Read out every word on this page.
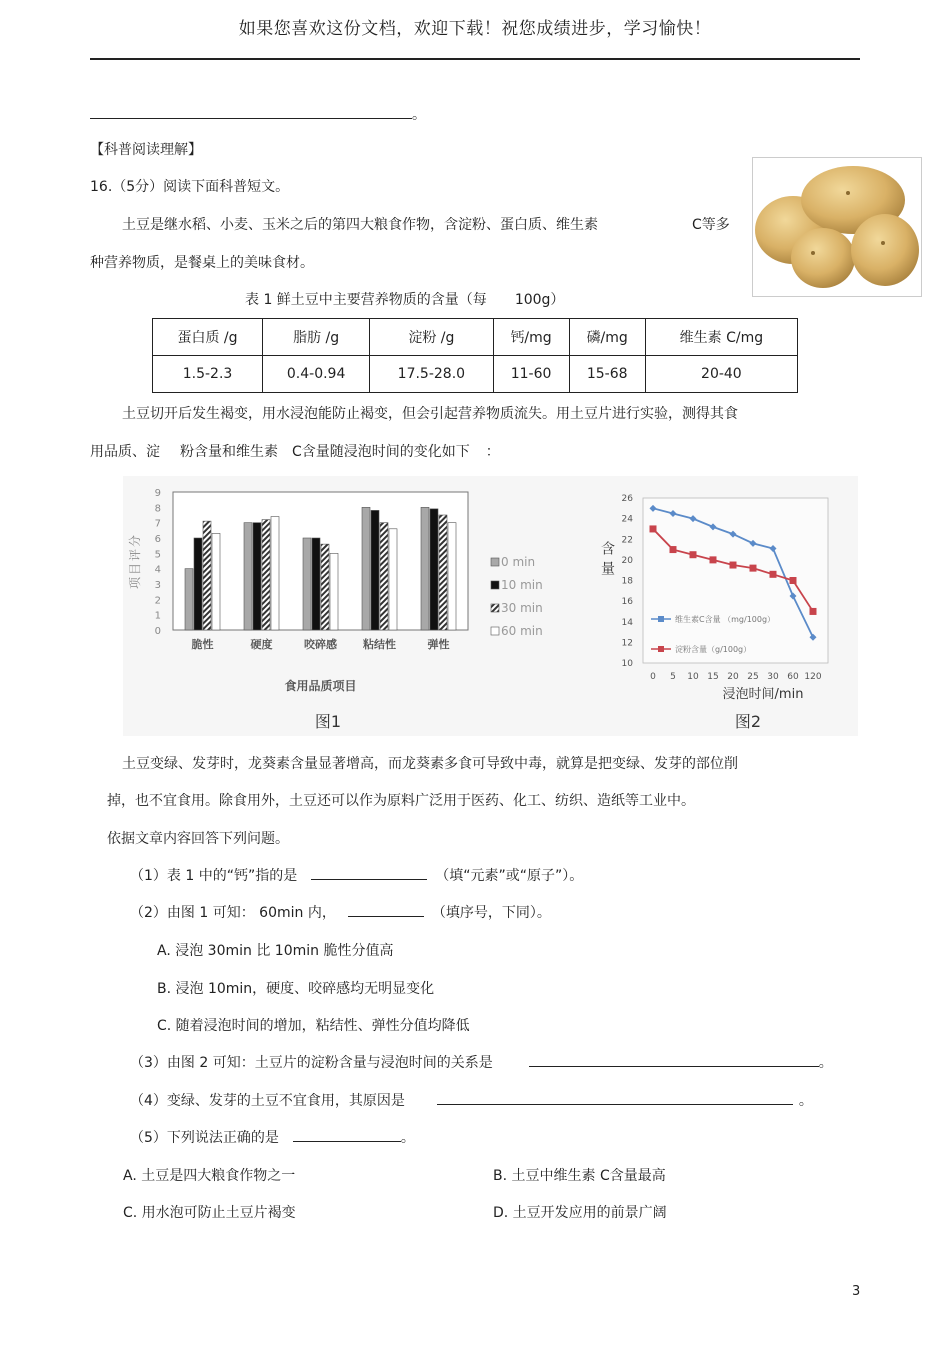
如果您喜欢这份文档，欢迎下载！祝您成绩进步，学习愉快！
。
【科普阅读理解】
16.（5分）阅读下面科普短文。
土豆是继水稻、小麦、玉米之后的第四大粮食作物，含淀粉、蛋白质、维生素	C等多
种营养物质，是餐桌上的美味食材。
表 1 鲜土豆中主要营养物质的含量（每 100g）
蛋白质 /g	脂肪 /g	淀粉 /g	钙/mg	磷/mg	维生素 C/mg
1.5-2.3	0.4-0.94	17.5-28.0	11-60	15-68	20-40
土豆切开后发生褐变，用水浸泡能防止褐变，但会引起营养物质流失。用土豆片进行实验，测得其食
用品质、淀 粉含量和维生素 C含量随浸泡时间的变化如下 ：
0
1
2
3
4
5
6
7
8
9
项目评分
脆性	硬度	咬碎感 粘结性	弹性
食用品质项目
0 min
10 min
30 min
60 min
图1
10
12
14
16
18
20
22
24
26
0 5 10 15 20 25 30 60 120
含量
浸泡时间/min
维生素C含量 （mg/100g）
淀粉含量（g/100g）
图2
土豆变绿、发芽时，龙葵素含量显著增高，而龙葵素多食可导致中毒，就算是把变绿、发芽的部位削
掉，也不宜食用。除食用外，土豆还可以作为原料广泛用于医药、化工、纺织、造纸等工业中。
依据文章内容回答下列问题。
（1）表 1 中的“钙”指的是	（填“元素”或“原子”）。
（2）由图 1 可知： 60min 内，	（填序号，下同）。
A. 浸泡 30min 比 10min 脆性分值高
B. 浸泡 10min，硬度、咬碎感均无明显变化
C. 随着浸泡时间的增加，粘结性、弹性分值均降低
（3）由图 2 可知：土豆片的淀粉含量与浸泡时间的关系是	。
（4）变绿、发芽的土豆不宜食用，其原因是	。
（5）下列说法正确的是	。
A. 土豆是四大粮食作物之一	B. 土豆中维生素 C含量最高
C. 用水泡可防止土豆片褐变	D. 土豆开发应用的前景广阔
3
